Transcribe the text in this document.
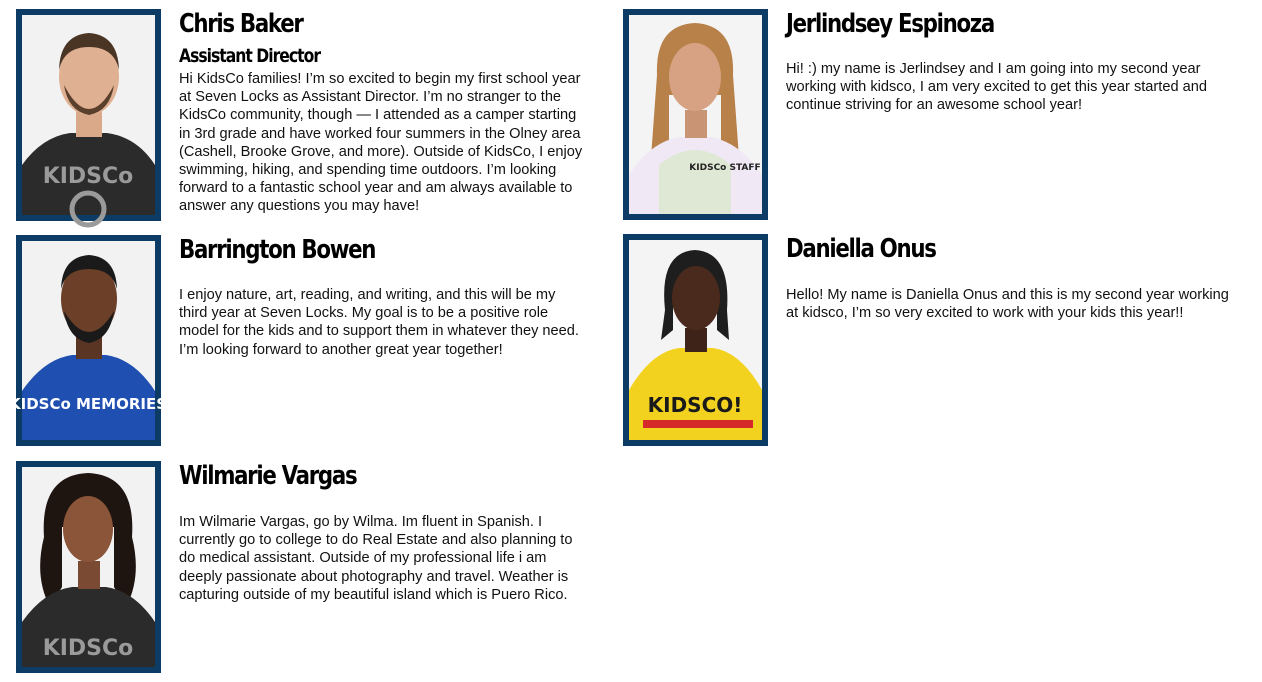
KIDSCo
Chris Baker
Assistant Director

Hi KidsCo families! I’m so excited to begin my first school year at Seven Locks as Assistant Director. I’m no stranger to the KidsCo community, though — I attended as a camper starting in 3rd grade and have worked four summers in the Olney area (Cashell, Brooke Grove, and more). Outside of KidsCo, I enjoy swimming, hiking, and spending time outdoors. I’m looking forward to a fantastic school year and am always available to answer any questions you may have!

KIDSCo STAFF
Jerlindsey Espinoza

Hi! :) my name is Jerlindsey and I am going into my second year working with kidsco, I am very excited to get this year started and continue striving for an awesome school year!

KIDSCo MEMORIES
Barrington Bowen

I enjoy nature, art, reading, and writing, and this will be my third year at Seven Locks. My goal is to be a positive role model for the kids and to support them in whatever they need. I’m looking forward to another great year together!

KIDSCO!
Daniella Onus

Hello! My name is Daniella Onus and this is my second year working at kidsco, I’m so very excited to work with your kids this year!!

KIDSCo
Wilmarie Vargas

Im Wilmarie Vargas, go by Wilma. Im fluent in Spanish. I currently go to college to do Real Estate and also planning to do medical assistant. Outside of my professional life i am deeply passionate about photography and travel. Weather is capturing outside of my beautiful island which is Puero Rico.
